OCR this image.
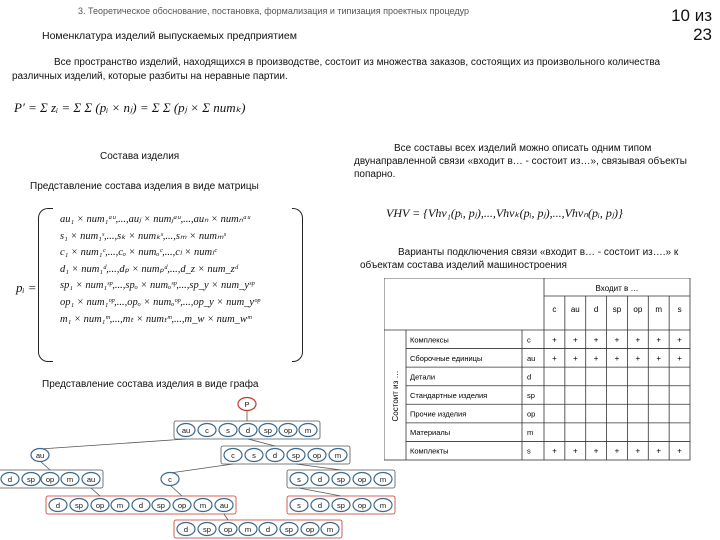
3. Теоретическое обоснование, постановка, формализация и типизация проектных процедур	10 из
23
Номенклатура изделий выпускаемых предприятием
Все пространство изделий, находящихся в производстве, состоит из множества заказов, состоящих из произвольного количества различных изделий, которые разбиты на неравные партии.
P′ = Σ zᵢ = Σ Σ (pᵢ × nⱼ) = Σ Σ (pⱼ × Σ numₖ)
Состава изделия
Представление состава изделия в виде матрицы
pᵢ =
au₁ × num₁ᵃᵘ,...,auⱼ × numⱼᵃᵘ,...,auₙ × numₙᵃᵘ
s₁ × num₁ˢ,...,sₖ × numₖˢ,...,sₘ × numₘˢ
c₁ × num₁ᶜ,...,cₒ × numₒᶜ,...,cₗ × numₗᶜ
d₁ × num₁ᵈ,...,dₚ × numₚᵈ,...,d_z × num_zᵈ
sp₁ × num₁ˢᵖ,...,spₒ × numₒˢᵖ,...,sp_y × num_yˢᵖ
op₁ × num₁ᵒᵖ,...,opₒ × numₒᵒᵖ,...,op_y × num_yᵒᵖ
m₁ × num₁ᵐ,...,mₜ × numₜᵐ,...,m_w × num_wᵐ
Представление состава изделия в виде графа
Все составы всех изделий можно описать одним типом двунаправленной связи «входит в… - состоит из…», связывая объекты попарно.
VHV = {Vhv₁(pᵢ, pⱼ),...,Vhvₖ(pᵢ, pⱼ),...,Vhvₙ(pᵢ, pⱼ)}
Варианты подключения связи «входит в… - состоит из….» к объектам состава изделий машиностроения
Входит в …
Состоит из …
c au d sp op m s
Комплексы	c	+ + + + + + +
Сборочные единицы	au + + + + + + +
Детали	d
Стандартные изделия	sp
Прочие изделия	op
Материалы	m
Комплекты	s	+ + + + + + +
P
au c s d sp op m
c s d sp op m
au
d sp op m au	c	s d sp op m
d sp op m d sp op m au	s d sp op m
d sp op m d sp op m
